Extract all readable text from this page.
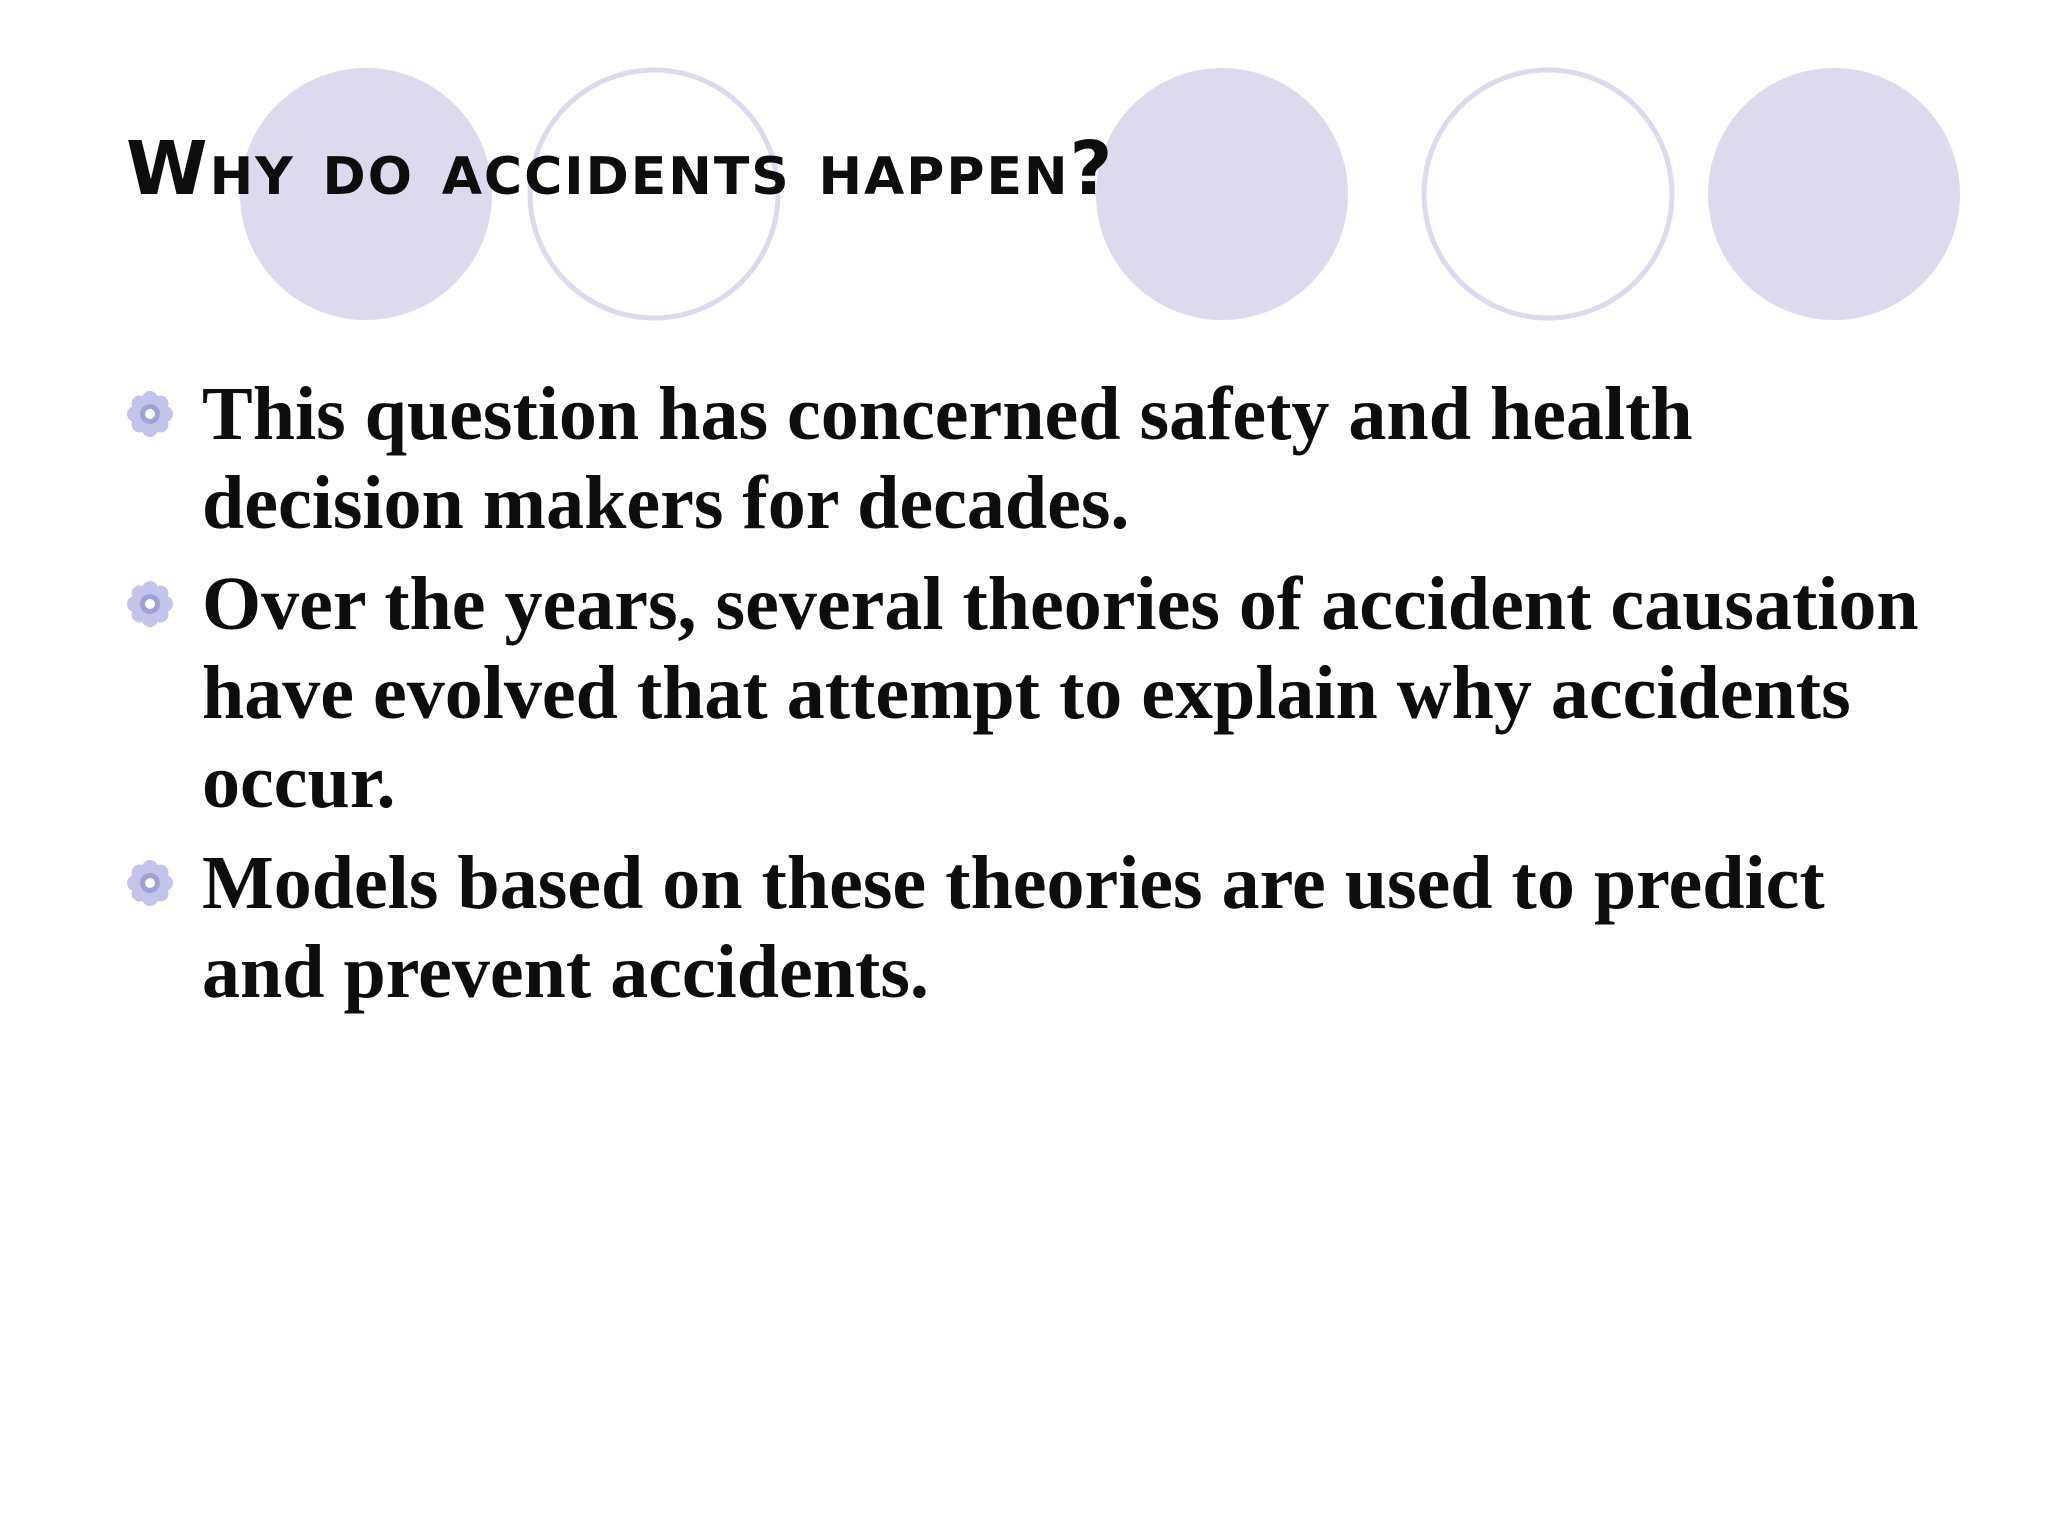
Why do accidents happen?
This question has concerned safety and health decision makers for decades.
Over the years, several theories of accident causation have evolved that attempt to explain why accidents occur.
Models based on these theories are used to predict and prevent accidents.
